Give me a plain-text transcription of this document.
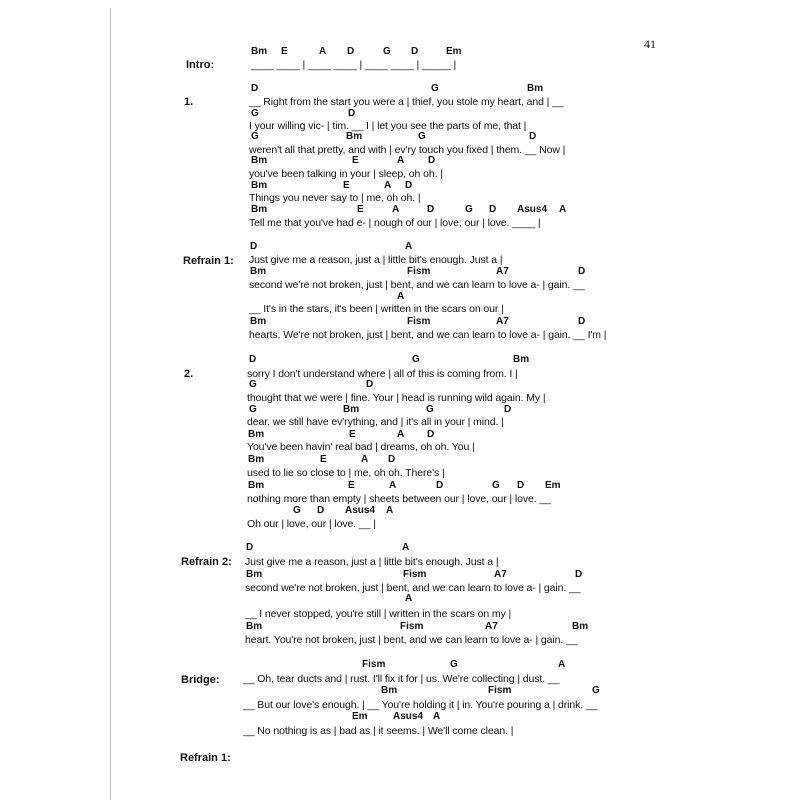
41
Intro:
1.
Refrain 1:
2.
Refrain 2:
Bridge:
Refrain 1:
Bm E	A D	G D	Em
____ ____ | ____ ____ | ____ ____ | _____ |
D	G	Bm
__ Right from the start you were a | thief, you stole my heart, and | __
G	D
I your willing vic- | tim. __ I | let you see the parts of me, that |
G	Bm	G	D
weren't all that pretty, and with | ev'ry touch you fixed | them. __ Now |
Bm	E	A D
you've been talking in your | sleep, oh oh. |
Bm	E	A D
Things you never say to | me, oh oh. |
Bm	E	A	D	G D Asus4 A
Tell me that you've had e- | nough of our | love, our | love. ____ |
D	A
Just give me a reason, just a | little bit's enough. Just a |
Bm	Fism	A7	D
second we're not broken, just | bent, and we can learn to love a- | gain. __
A
__ It's in the stars, it's been | written in the scars on our |
Bm	Fism	A7	D
hearts. We're not broken, just | bent, and we can learn to love a- | gain. __ I'm |
D	G	Bm
sorry I don't understand where | all of this is coming from. I |
G	D
thought that we were | fine. Your | head is running wild again. My |
G	Bm	G	D
dear, we still have ev'rything, and | it's all in your | mind. |
Bm	E	A D
You've been havin' real bad | dreams, oh oh. You |
Bm	E	A D
used to lie so close to | me, oh oh. There's |
Bm	E	A	D	G D Em
nothing more than empty | sheets between our | love, our | love. __
G D Asus4 A
Oh our | love, our | love. __ |
D	A
Just give me a reason, just a | little bit's enough. Just a |
Bm	Fism	A7	D
second we're not broken, just | bent, and we can learn to love a- | gain. __
A
__ I never stopped, you're still | written in the scars on my |
Bm	Fism	A7	Bm
heart. You're not broken, just | bent, and we can learn to love a- | gain. __
Fism	G	A
__ Oh, tear ducts and | rust. I'll fix it for | us. We're collecting | dust. __
Bm	Fism	G
__ But our love's enough. | __ You're holding it | in. You're pouring a | drink. __
Em	Asus4 A
__ No nothing is as | bad as | it seems. | We'll come clean. |
